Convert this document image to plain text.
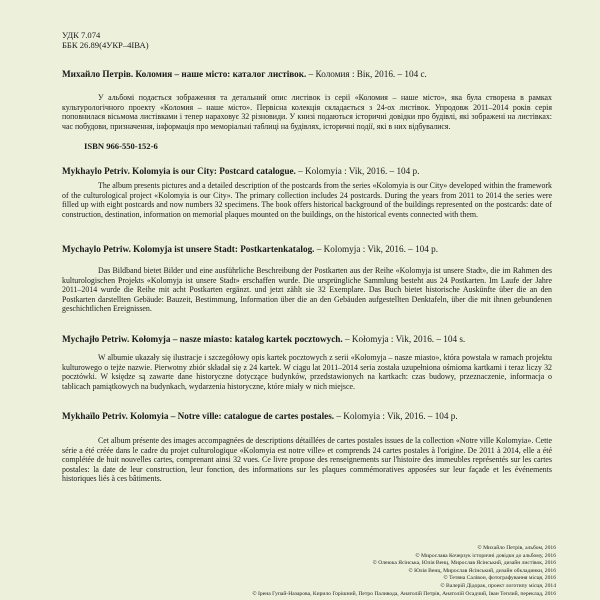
УДК 7.074
ББК 26.89(4УКР–4ІВА)
Михайло Петрів. Коломия – наше місто: каталог листівок. – Коломия : Вік, 2016. – 104 с.
У альбомі подається зображення та детальний опис листівок із серії «Коломия – наше місто», яка була створена в рамках культурологічного проекту «Коломия – наше місто». Первісна колекція складається з 24-ох листівок. Упродовж 2011–2014 років серія поповнилася вісьмома листівками і тепер нараховує 32 різновиди. У книзі подаються історичні довідки про будівлі, які зображені на листівках: час побудови, призначення, інформація про меморіальні таблиці на будівлях, історичні події, які в них відбувалися.
ISBN 966-550-152-6
Mykhaylo Petriv. Kolomyia is our City: Postcard catalogue. – Kolomyia : Vik, 2016. – 104 p.
The album presents pictures and a detailed description of the postcards from the series «Kolomyia is our City» developed within the framework of the culturological project «Kolomyia is our City». The primary collection includes 24 postcards. During the years from 2011 to 2014 the series were filled up with eight postcards and now numbers 32 specimens. The book offers historical background of the buildings represented on the postcards: date of construction, destination, information on memorial plaques mounted on the buildings, on the historical events connected with them.
Mychaylo Petriw. Kolomyja ist unsere Stadt: Postkartenkatalog. – Kolomyja : Vik, 2016. – 104 p.
Das Bildband bietet Bilder und eine ausführliche Beschreibung der Postkarten aus der Reihe «Kolomyja ist unsere Stadt», die im Rahmen des kulturologischen Projekts «Kolomyja ist unsere Stadt» erschaffen wurde. Die ursprüngliche Sammlung besteht aus 24 Postkarten. Im Laufe der Jahre 2011–2014 wurde die Reihe mit acht Postkarten ergänzt. und jetzt zählt sie 32 Exemplare. Das Buch bietet historische Auskünfte über die an den Postkarten darstellten Gebäude: Bauzeit, Bestimmung, Information über die an den Gebäuden aufgestellten Denktafeln, über die mit ihnen gebundenen geschichtlichen Ereignissen.
Mychajło Petriw. Kołomyja – nasze miasto: katalog kartek pocztowych. – Kołomyja : Vik, 2016. – 104 s.
W albumie ukazały się ilustracje i szczegółowy opis kartek pocztowych z serii «Kołomyja – nasze miasto», która powstała w ramach projektu kulturowego o tejże nazwie. Pierwotny zbiór składał się z 24 kartek. W ciągu lat 2011–2014 seria została uzupełniona ośmioma kartkami i teraz liczy 32 pocztówki. W księdze są zawarte dane historyczne dotyczące budynków, przedstawionych na kartkach: czas budowy, przeznaczenie, informacja o tablicach pamiątkowych na budynkach, wydarzenia historyczne, które miały w nich miejsce.
Mykhaïlo Petriv. Kolomyia – Notre ville: catalogue de cartes postales. – Kolomyia : Vik, 2016. – 104 p.
Cet album présente des images accompagnées de descriptions détaillées de cartes postales issues de la collection «Notre ville Kolomyia». Cette série a été créée dans le cadre du projet culturologique «Kolomyia est notre ville» et comprends 24 cartes postales à l'origine. De 2011 à 2014, elle a été complétée de huit nouvelles cartes, comprenant ainsi 32 vues. Ce livre propose des renseignements sur l'histoire des immeubles représentés sur les cartes postales: la date de leur construction, leur fonction, des informations sur les plaques commémoratives apposées sur leur façade et les événements historiques liés à ces bâtiments.
© Михайло Петрів, альбом, 2016
© Мирослава Кочерзук історичні довідки до альбому, 2016
© Олеюка Ясінська, Юлія Венц, Мирослав Ясінський, дизайн листівок, 2016
© Юлія Венц, Мирослав Ясінський, дизайн обкладинки, 2016
© Тетяна Салівон, фотографування місця, 2016
© Валерій Дідорак, проект логотипу місця, 2014
© Ірена Гупай-Назарова, Кирило Горішний, Петро Паливода, Анатолій Петрів, Анатолій Осадчий, Іван Теплий, переклад, 2016
